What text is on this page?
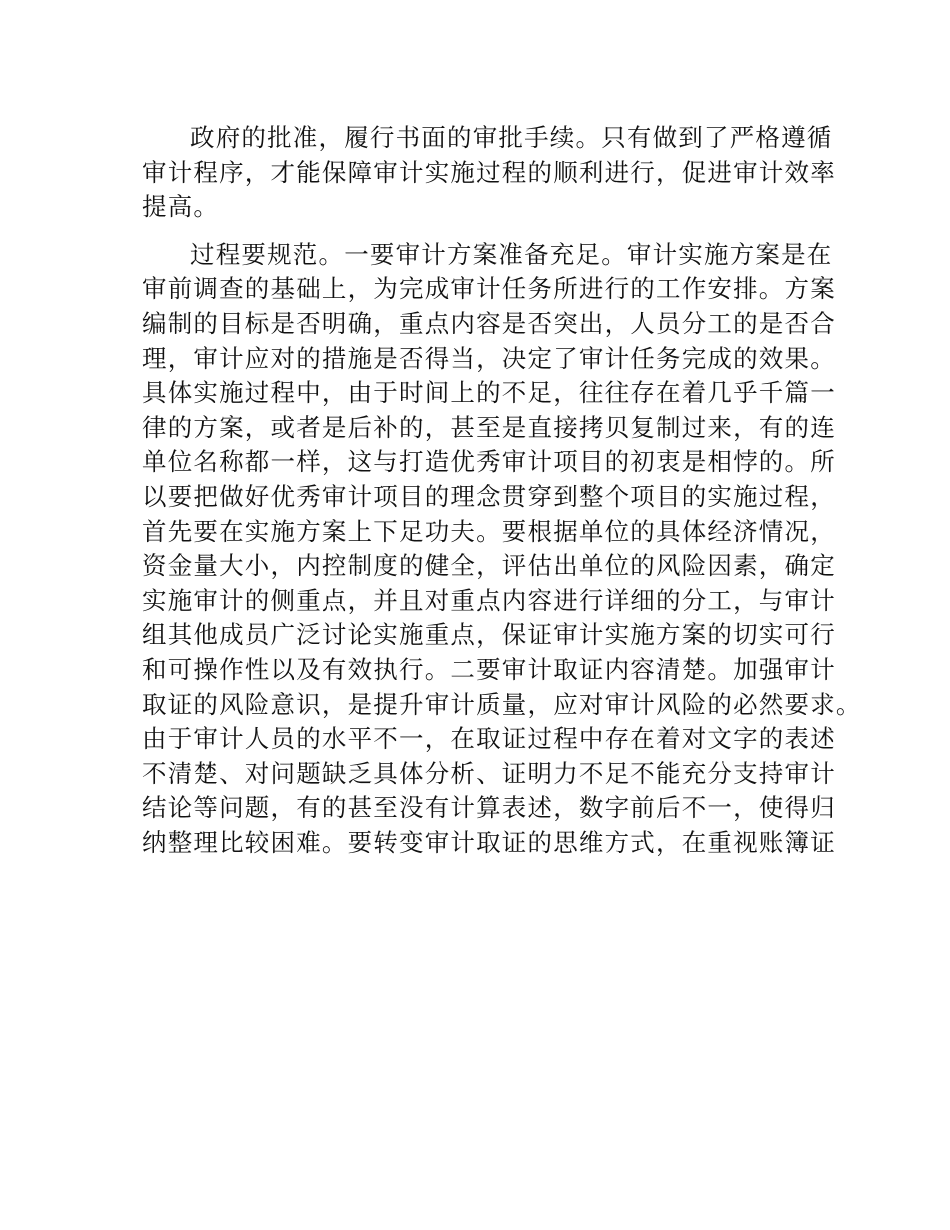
政府的批准，履行书面的审批手续。只有做到了严格遵循
审计程序，才能保障审计实施过程的顺利进行，促进审计效率
提高。
过程要规范。一要审计方案准备充足。审计实施方案是在
审前调查的基础上，为完成审计任务所进行的工作安排。方案
编制的目标是否明确，重点内容是否突出，人员分工的是否合
理，审计应对的措施是否得当，决定了审计任务完成的效果。
具体实施过程中，由于时间上的不足，往往存在着几乎千篇一
律的方案，或者是后补的，甚至是直接拷贝复制过来，有的连
单位名称都一样，这与打造优秀审计项目的初衷是相悖的。所
以要把做好优秀审计项目的理念贯穿到整个项目的实施过程，
首先要在实施方案上下足功夫。要根据单位的具体经济情况，
资金量大小，内控制度的健全，评估出单位的风险因素，确定
实施审计的侧重点，并且对重点内容进行详细的分工，与审计
组其他成员广泛讨论实施重点，保证审计实施方案的切实可行
和可操作性以及有效执行。二要审计取证内容清楚。加强审计
取证的风险意识，是提升审计质量，应对审计风险的必然要求。
由于审计人员的水平不一，在取证过程中存在着对文字的表述
不清楚、对问题缺乏具体分析、证明力不足不能充分支持审计
结论等问题，有的甚至没有计算表述，数字前后不一，使得归
纳整理比较困难。要转变审计取证的思维方式，在重视账簿证
